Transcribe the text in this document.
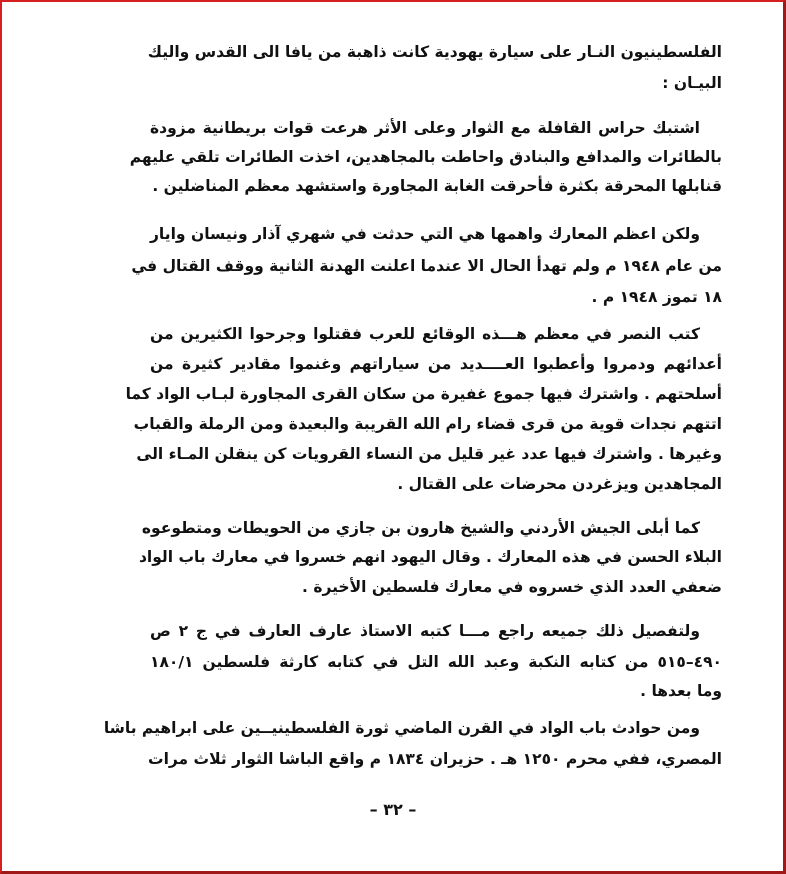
الفلسطينيون النـار على سيارة يهودية كانت ذاهبة من يافا الى القدس واليك
البيـان :
اشتبك حراس القافلة مع الثوار وعلى الأثر هرعت قوات بريطانية مزودة
بالطائرات والمدافع والبنادق واحاطت بالمجاهدين، اخذت الطائرات تلقي عليهم
قنابلها المحرقة بكثرة فأحرقت الغابة المجاورة واستشهد معظم المناضلين .
ولكن اعظم المعارك واهمها هي التي حدثت في شهري آذار ونيسان وايار
من عام ١٩٤٨ م ولم تهدأ الحال الا عندما اعلنت الهدنة الثانية ووقف القتال في
١٨ تموز ١٩٤٨ م .
كتب النصر في معظم هـــذه الوقائع للعرب فقتلوا وجرحوا الكثيرين من
أعدائهم ودمروا وأعطبوا العــــديد من سياراتهم وغنموا مقادير كثيرة من
أسلحتهم . واشترك فيها جموع غفيرة من سكان القرى المجاورة لبـاب الواد كما
اتتهم نجدات قوية من قرى قضاء رام الله القريبة والبعيدة ومن الرملة والقباب
وغيرها . واشترك فيها عدد غير قليل من النساء القرويات كن ينقلن المـاء الى
المجاهدين ويزغردن محرضات على القتال .
كما أبلى الجيش الأردني والشيخ هارون بن جازي من الحويطات ومتطوعوه
البلاء الحسن في هذه المعارك . وقال اليهود انهم خسروا في معارك باب الواد
ضعفي العدد الذي خسروه في معارك فلسطين الأخيرة .
ولتفصيل ذلك جميعه راجع مـــا كتبه الاستاذ عارف العارف في ج ٢ ص
٤٩٠–٥١٥ من كتابه النكبة وعبد الله التل في كتابه كارثة فلسطين ١٨٠/١
وما بعدها .
ومن حوادث باب الواد في القرن الماضي ثورة الفلسطينيــين على ابراهيم باشا
المصري، ففي محرم ١٢٥٠ هـ . حزيران ١٨٣٤ م واقع الباشا الثوار ثلاث مرات
– ٣٢ –
